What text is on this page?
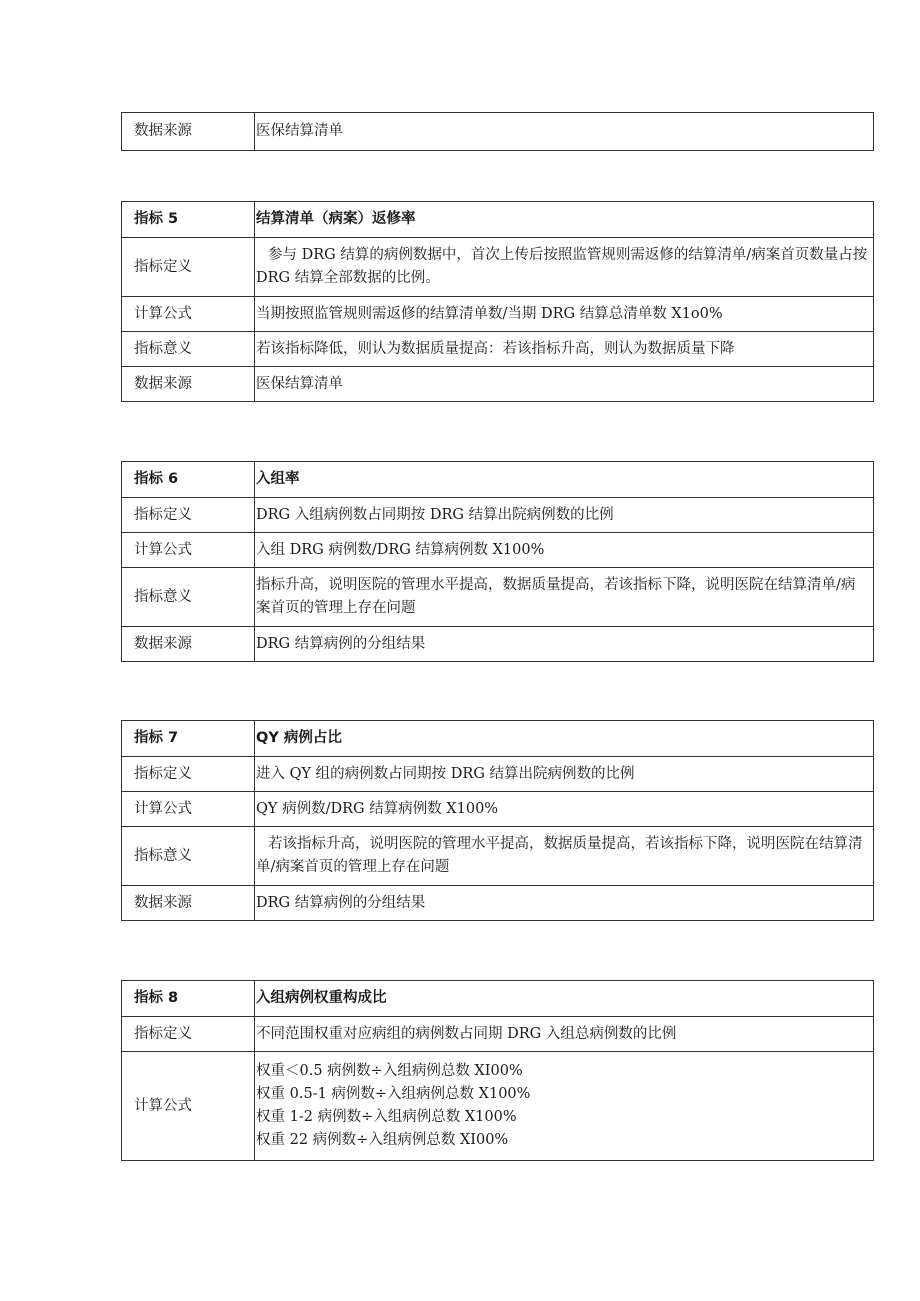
数据来源	医保结算清单
指标 5	结算清单（病案）返修率
指标定义	参与 DRG 结算的病例数据中，首次上传后按照监管规则需返修的结算清单/病案首页数量占按 DRG 结算全部数据的比例。
计算公式	当期按照监管规则需返修的结算清单数/当期 DRG 结算总清单数 X1o0%
指标意义	若该指标降低，则认为数据质量提高：若该指标升高，则认为数据质量下降
数据来源	医保结算清单
指标 6	入组率
指标定义	DRG 入组病例数占同期按 DRG 结算出院病例数的比例
计算公式	入组 DRG 病例数/DRG 结算病例数 X100%
指标意义	指标升高，说明医院的管理水平提高，数据质量提高，若该指标下降，说明医院在结算清单/病案首页的管理上存在问题
数据来源	DRG 结算病例的分组结果
指标 7	QY 病例占比
指标定义	进入 QY 组的病例数占同期按 DRG 结算出院病例数的比例
计算公式	QY 病例数/DRG 结算病例数 X100%
指标意义	若该指标升高，说明医院的管理水平提高，数据质量提高，若该指标下降，说明医院在结算清单/病案首页的管理上存在问题
数据来源	DRG 结算病例的分组结果
指标 8	入组病例权重构成比
指标定义	不同范围权重对应病组的病例数占同期 DRG 入组总病例数的比例
计算公式	权重＜0.5 病例数÷入组病例总数 XI00%
权重 0.5-1 病例数÷入组病例总数 X100%
权重 1-2 病例数÷入组病例总数 X100%
权重 22 病例数÷入组病例总数 XI00%
